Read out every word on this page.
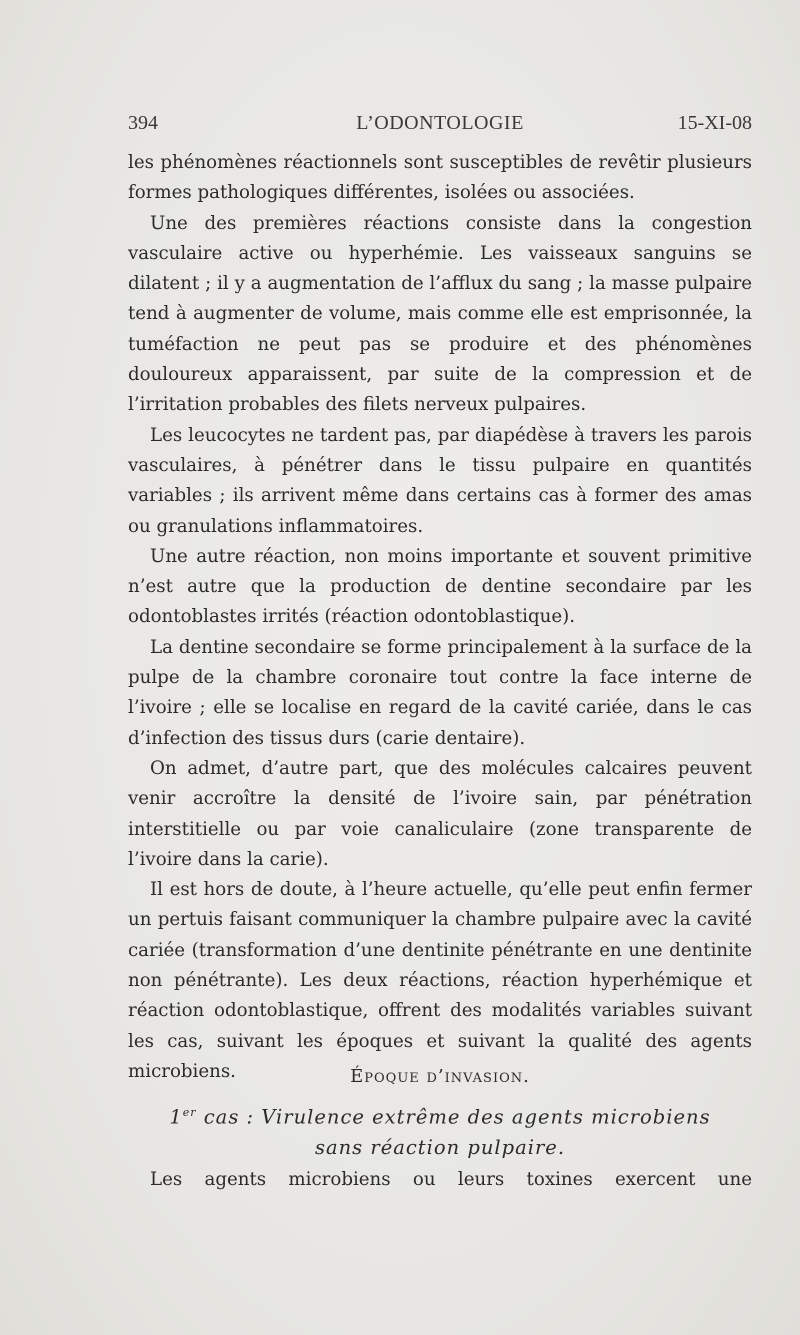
394	L’ODONTOLOGIE	15-XI-08

les phénomènes réactionnels sont susceptibles de revêtir plusieurs formes pathologiques différentes, isolées ou associées.

Une des premières réactions consiste dans la congestion vasculaire active ou hyperhémie. Les vaisseaux sanguins se dilatent ; il y a augmentation de l’afflux du sang ; la masse pulpaire tend à augmenter de volume, mais comme elle est emprisonnée, la tuméfaction ne peut pas se produire et des phénomènes douloureux apparaissent, par suite de la compression et de l’irritation probables des filets nerveux pulpaires.

Les leucocytes ne tardent pas, par diapédèse à travers les parois vasculaires, à pénétrer dans le tissu pulpaire en quantités variables ; ils arrivent même dans certains cas à former des amas ou granulations inflammatoires.

Une autre réaction, non moins importante et souvent primitive n’est autre que la production de dentine secondaire par les odontoblastes irrités (réaction odontoblastique).

La dentine secondaire se forme principalement à la surface de la pulpe de la chambre coronaire tout contre la face interne de l’ivoire ; elle se localise en regard de la cavité cariée, dans le cas d’infection des tissus durs (carie dentaire).

On admet, d’autre part, que des molécules calcaires peuvent venir accroître la densité de l’ivoire sain, par pénétration interstitielle ou par voie canaliculaire (zone transparente de l’ivoire dans la carie).

Il est hors de doute, à l’heure actuelle, qu’elle peut enfin fermer un pertuis faisant communiquer la chambre pulpaire avec la cavité cariée (transformation d’une dentinite pénétrante en une dentinite non pénétrante). Les deux réactions, réaction hyperhémique et réaction odontoblastique, offrent des modalités variables suivant les cas, suivant les époques et suivant la qualité des agents microbiens.	Époque d’invasion.
1er cas : Virulence extrême des agents microbiens
sans réaction pulpaire.
Les agents microbiens ou leurs toxines exercent une
